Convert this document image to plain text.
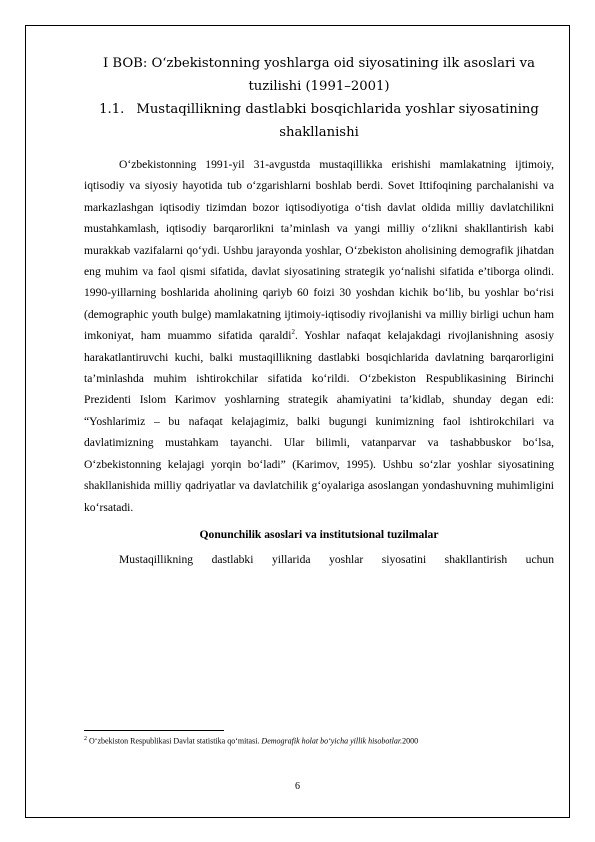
I BOB: O‘zbekistonning yoshlarga oid siyosatining ilk asoslari va
tuzilishi (1991–2001)
1.1. Mustaqillikning dastlabki bosqichlarida yoshlar siyosatining
shakllanishi

O‘zbekistonning 1991-yil 31-avgustda mustaqillikka erishishi mamlakatning ijtimoiy, iqtisodiy va siyosiy hayotida tub o‘zgarishlarni boshlab berdi. Sovet Ittifoqining parchalanishi va markazlashgan iqtisodiy tizimdan bozor iqtisodiyotiga o‘tish davlat oldida milliy davlatchilikni mustahkamlash, iqtisodiy barqarorlikni ta’minlash va yangi milliy o‘zlikni shakllantirish kabi murakkab vazifalarni qo‘ydi. Ushbu jarayonda yoshlar, O‘zbekiston aholisining demografik jihatdan eng muhim va faol qismi sifatida, davlat siyosatining strategik yo‘nalishi sifatida e’tiborga olindi. 1990-yillarning boshlarida aholining qariyb 60 foizi 30 yoshdan kichik bo‘lib, bu yoshlar bo‘risi (demographic youth bulge) mamlakatning ijtimoiy-iqtisodiy rivojlanishi va milliy birligi uchun ham imkoniyat, ham muammo sifatida qaraldi$^2$. Yoshlar nafaqat kelajakdagi rivojlanishning asosiy harakatlantiruvchi kuchi, balki mustaqillikning dastlabki bosqichlarida davlatning barqarorligini ta’minlashda muhim ishtirokchilar sifatida ko‘rildi. O‘zbekiston Respublikasining Birinchi Prezidenti Islom Karimov yoshlarning strategik ahamiyatini ta’kidlab, shunday degan edi: “Yoshlarimiz – bu nafaqat kelajagimiz, balki bugungi kunimizning faol ishtirokchilari va davlatimizning mustahkam tayanchi. Ular bilimli, vatanparvar va tashabbuskor bo‘lsa, O‘zbekistonning kelajagi yorqin bo‘ladi” (Karimov, 1995). Ushbu so‘zlar yoshlar siyosatining shakllanishida milliy qadriyatlar va davlatchilik g‘oyalariga asoslangan yondashuvning muhimligini ko‘rsatadi.

Qonunchilik asoslari va institutsional tuzilmalar

Mustaqillikning dastlabki yillarida yoshlar siyosatini shakllantirish uchun

$^2$ O‘zbekiston Respublikasi Davlat statistika qo‘mitasi. Demografik holat bo‘yicha yillik hisobotlar.2000
6
